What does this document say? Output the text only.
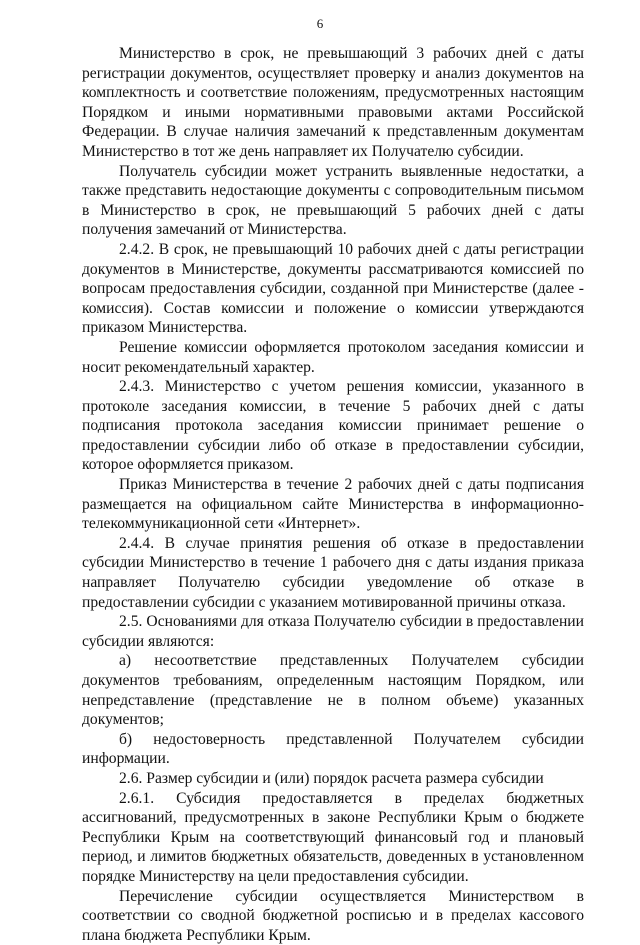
6

Министерство в срок, не превышающий 3 рабочих дней с даты регистрации документов, осуществляет проверку и анализ документов на комплектность и соответствие положениям, предусмотренных настоящим Порядком и иными нормативными правовыми актами Российской Федерации. В случае наличия замечаний к представленным документам Министерство в тот же день направляет их Получателю субсидии.

Получатель субсидии может устранить выявленные недостатки, а также представить недостающие документы с сопроводительным письмом в Министерство в срок, не превышающий 5 рабочих дней с даты получения замечаний от Министерства.

2.4.2. В срок, не превышающий 10 рабочих дней с даты регистрации документов в Министерстве, документы рассматриваются комиссией по вопросам предоставления субсидии, созданной при Министерстве (далее - комиссия). Состав комиссии и положение о комиссии утверждаются приказом Министерства.

Решение комиссии оформляется протоколом заседания комиссии и носит рекомендательный характер.

2.4.3. Министерство с учетом решения комиссии, указанного в протоколе заседания комиссии, в течение 5 рабочих дней с даты подписания протокола заседания комиссии принимает решение о предоставлении субсидии либо об отказе в предоставлении субсидии, которое оформляется приказом.

Приказ Министерства в течение 2 рабочих дней с даты подписания размещается на официальном сайте Министерства в информационно-телекоммуникационной сети «Интернет».

2.4.4. В случае принятия решения об отказе в предоставлении субсидии Министерство в течение 1 рабочего дня с даты издания приказа направляет Получателю субсидии уведомление об отказе в предоставлении субсидии с указанием мотивированной причины отказа.

2.5. Основаниями для отказа Получателю субсидии в предоставлении субсидии являются:

а) несоответствие представленных Получателем субсидии документов требованиям, определенным настоящим Порядком, или непредставление (представление не в полном объеме) указанных документов;

б) недостоверность представленной Получателем субсидии информации.

2.6. Размер субсидии и (или) порядок расчета размера субсидии

2.6.1. Субсидия предоставляется в пределах бюджетных ассигнований, предусмотренных в законе Республики Крым о бюджете Республики Крым на соответствующий финансовый год и плановый период, и лимитов бюджетных обязательств, доведенных в установленном порядке Министерству на цели предоставления субсидии.

Перечисление субсидии осуществляется Министерством в соответствии со сводной бюджетной росписью и в пределах кассового плана бюджета Республики Крым.
